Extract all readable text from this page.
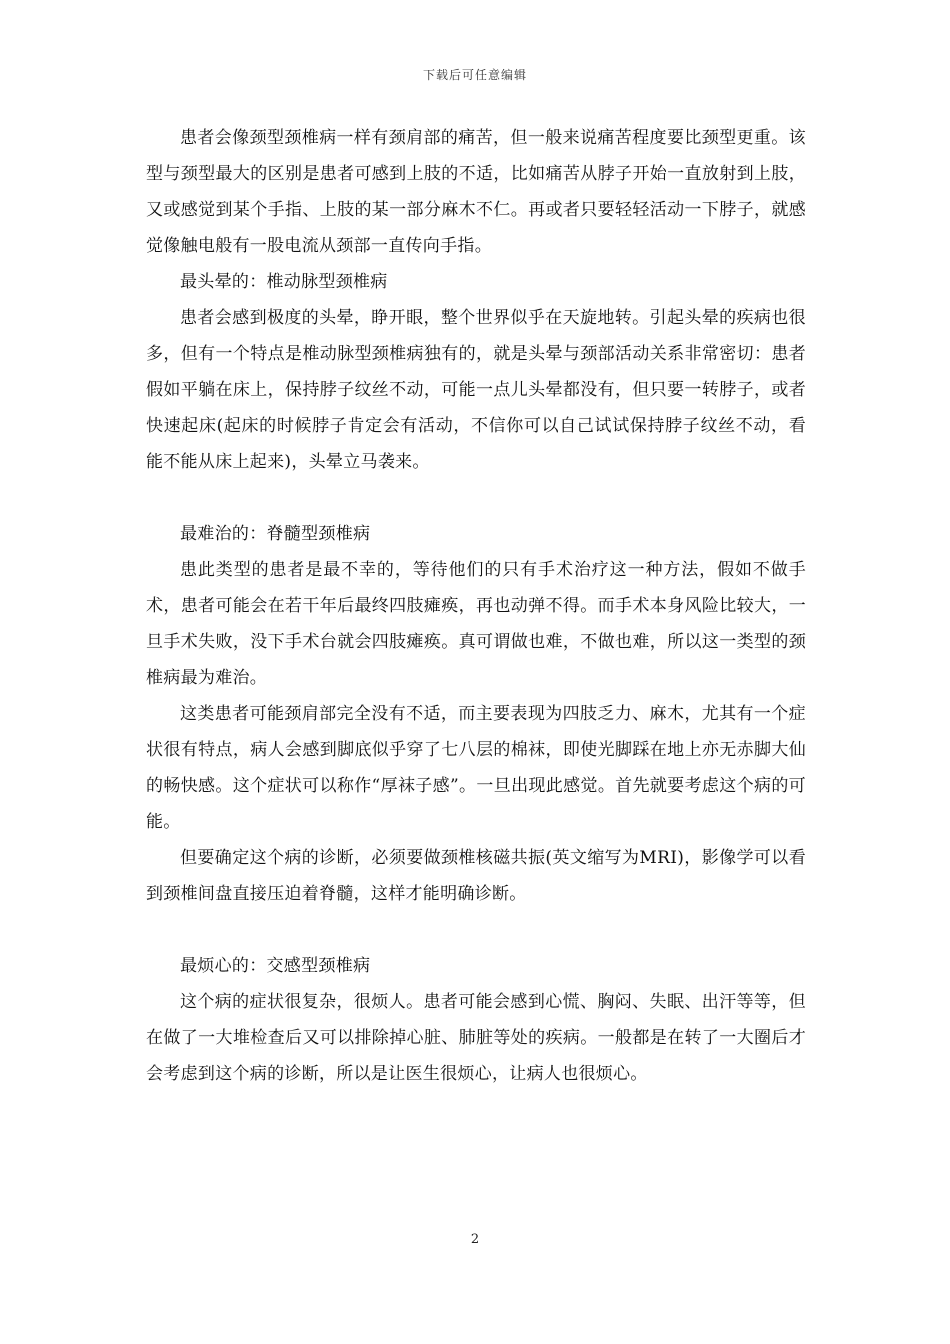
下载后可任意编辑

患者会像颈型颈椎病一样有颈肩部的痛苦，但一般来说痛苦程度要比颈型更重。该型与颈型最大的区别是患者可感到上肢的不适，比如痛苦从脖子开始一直放射到上肢，又或感觉到某个手指、上肢的某一部分麻木不仁。再或者只要轻轻活动一下脖子，就感觉像触电般有一股电流从颈部一直传向手指。

最头晕的：椎动脉型颈椎病

患者会感到极度的头晕，睁开眼，整个世界似乎在天旋地转。引起头晕的疾病也很多，但有一个特点是椎动脉型颈椎病独有的，就是头晕与颈部活动关系非常密切：患者假如平躺在床上，保持脖子纹丝不动，可能一点儿头晕都没有，但只要一转脖子，或者快速起床(起床的时候脖子肯定会有活动，不信你可以自己试试保持脖子纹丝不动，看能不能从床上起来)，头晕立马袭来。

最难治的：脊髓型颈椎病

患此类型的患者是最不幸的，等待他们的只有手术治疗这一种方法，假如不做手术，患者可能会在若干年后最终四肢瘫痪，再也动弹不得。而手术本身风险比较大，一旦手术失败，没下手术台就会四肢瘫痪。真可谓做也难，不做也难，所以这一类型的颈椎病最为难治。

这类患者可能颈肩部完全没有不适，而主要表现为四肢乏力、麻木，尤其有一个症状很有特点，病人会感到脚底似乎穿了七八层的棉袜，即使光脚踩在地上亦无赤脚大仙的畅快感。这个症状可以称作“厚袜子感”。一旦出现此感觉。首先就要考虑这个病的可能。

但要确定这个病的诊断，必须要做颈椎核磁共振(英文缩写为MRI)，影像学可以看到颈椎间盘直接压迫着脊髓，这样才能明确诊断。

最烦心的：交感型颈椎病

这个病的症状很复杂，很烦人。患者可能会感到心慌、胸闷、失眠、出汗等等，但在做了一大堆检查后又可以排除掉心脏、肺脏等处的疾病。一般都是在转了一大圈后才会考虑到这个病的诊断，所以是让医生很烦心，让病人也很烦心。

2
